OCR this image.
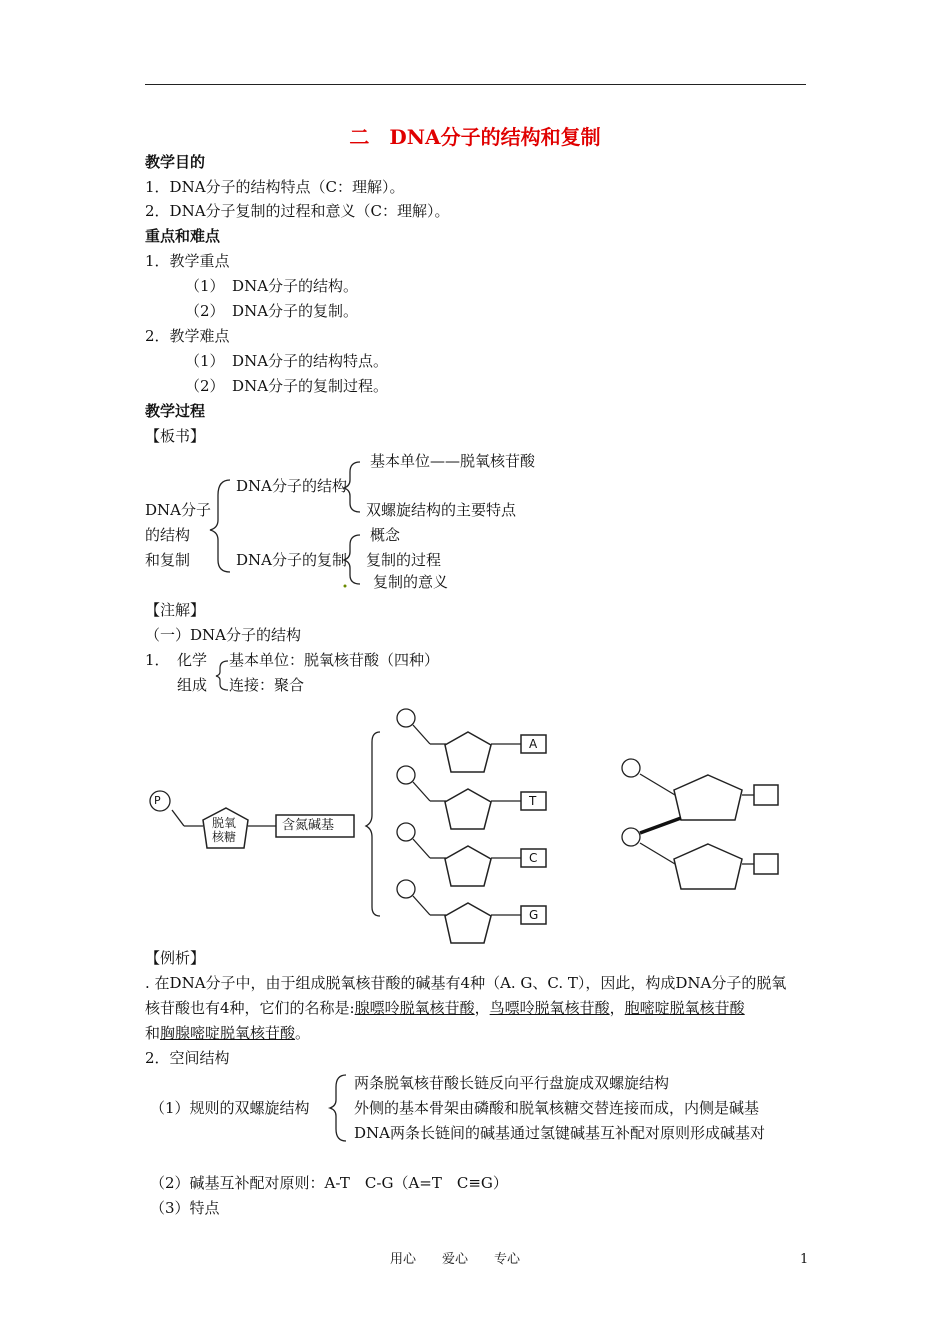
二　DNA分子的结构和复制
教学目的
1．DNA分子的结构特点（C：理解）。
2．DNA分子复制的过程和意义（C：理解）。
重点和难点
1．教学重点
（1）　DNA分子的结构。
（2）　DNA分子的复制。
2．教学难点
（1）　DNA分子的结构特点。
（2）　DNA分子的复制过程。
教学过程
【板书】
DNA分子
的结构
和复制
DNA分子的结构
DNA分子的复制
基本单位——脱氧核苷酸
双螺旋结构的主要特点
概念
复制的过程
复制的意义
【注解】
（一）DNA分子的结构
1． 化学
组成
基本单位：脱氧核苷酸（四种）
连接：聚合
P
脱氧
核糖
含氮碱基
A
T
C
G
【例析】
. 在DNA分子中，由于组成脱氧核苷酸的碱基有4种（A. G、C. T），因此，构成DNA分子的脱氧
核苷酸也有4种，它们的名称是:腺嘌呤脱氧核苷酸，鸟嘌呤脱氧核苷酸，胞嘧啶脱氧核苷酸
和胸腺嘧啶脱氧核苷酸。
2．空间结构
（1）规则的双螺旋结构
两条脱氧核苷酸长链反向平行盘旋成双螺旋结构
外侧的基本骨架由磷酸和脱氧核糖交替连接而成，内侧是碱基
DNA两条长链间的碱基通过氢键碱基互补配对原则形成碱基对
（2）碱基互补配对原则：A-T　C-G（A=T　C≡G）
（3）特点
用心　　爱心　　专心	1
